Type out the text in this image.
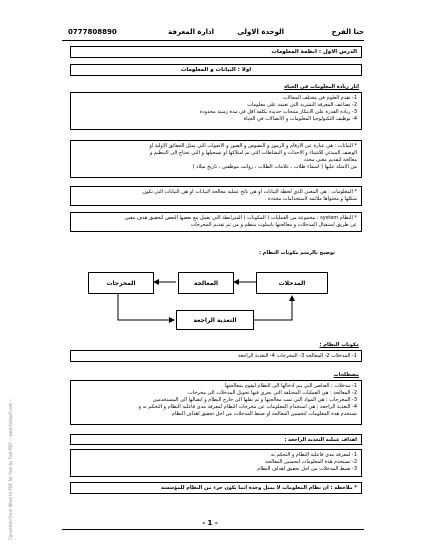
حنا الفرج
الوحدة الاولى
ادارة المعرفة
0777808890
الدرس الاول : انظمة المعلومات
اولا : البيانات و المعلومات
اثار زيادة المعلومات في الحياة
1- تقدم العلوم في مختلف المجالات
2- تضاعف المعرفة البشرية التي تعتمد على معلومات
3- زيادة القدرة على الابتكار منتجات جديدة بكلفة اقل في مدة زمنية محدودة
4- توظيف التكنولوجيا المعلومات و الاتصالات في الحياة
* البيانات : هي عبارة عن الارقام و الرموز و النصوص و الصور و الاصوات التي تمثل الحقائق الاولية او
الوصف المبدئي للاشياء و الاحداث و النشاطات التي تم امتلاكها او تسجيلها و التي تحتاج الى التنظيم و
معالجة لتقديم معنى محدد
من الامثلة عليها ( اسماء طلاب ، علامات الطلاب ، رواتب موظفين ، تاريخ ميلاد )
* المعلومات : هي المعنى الذي لحظة البيانات او هي ناتج عملية معالجة البيانات او هي البيانات التي تكون
شكلها و محتواها ملائمة لاستخدامات محددة .
* النظام system : مجموعة من العمليات ( المكونات ) المترابطة التي تعمل مع بعضها البعض لتحقيق هدف معين
عن طريق استقبال المدخلات و معالجتها بأسلوب منظم و من ثم تقديم المخرجات
توضيح بالرسم مكونات النظام :
المدخلات
المعالجة
المخرجات
التغذية الراجعة
مكونات النظام :
1- المدخلات 2- المعالجة 3- المخرجات 4- التغذية الراجعة
مصطلحات
1- مدخلات : العناصر التي يتم ادخالها الى النظام ليقوم بمعالجتها
2- المعالجة : هي العمليات المختلفة التي يجري فيها تحويل المدخلات الى مخرجات
3- المخرجات : هي المواد التي تمت معالجتها و تم نقلها الى خارج النظام و ايصالها الى المستخدمين
4- التغذية الراجعة : هي استخدام المعلومات عن مخرجات النظام لمعرفة مدى فاعلية النظام و التحكم به و
تستخدم هذة المعلومات لتحسين المعالجة او ضبط المدخلات من اجل تحقيق اهداف النظام
اهداف عملية التغذية الراجعة :
1- لمعرفة مدى فاعلية النظام و التحكم بة
2- تستخدم هذة المعلومات لتحسين المعالجة
3- ضبط المدخلات من اجل تحقيق اهداف النظام
* ملاحظة : ان نظام المعلومات لا يمثل وحدة انما يكون جزء من النظام للمؤسسة
Converted from Word to PDF for free by Fast PDF -- www.fastpdf.com --	- 1 -
